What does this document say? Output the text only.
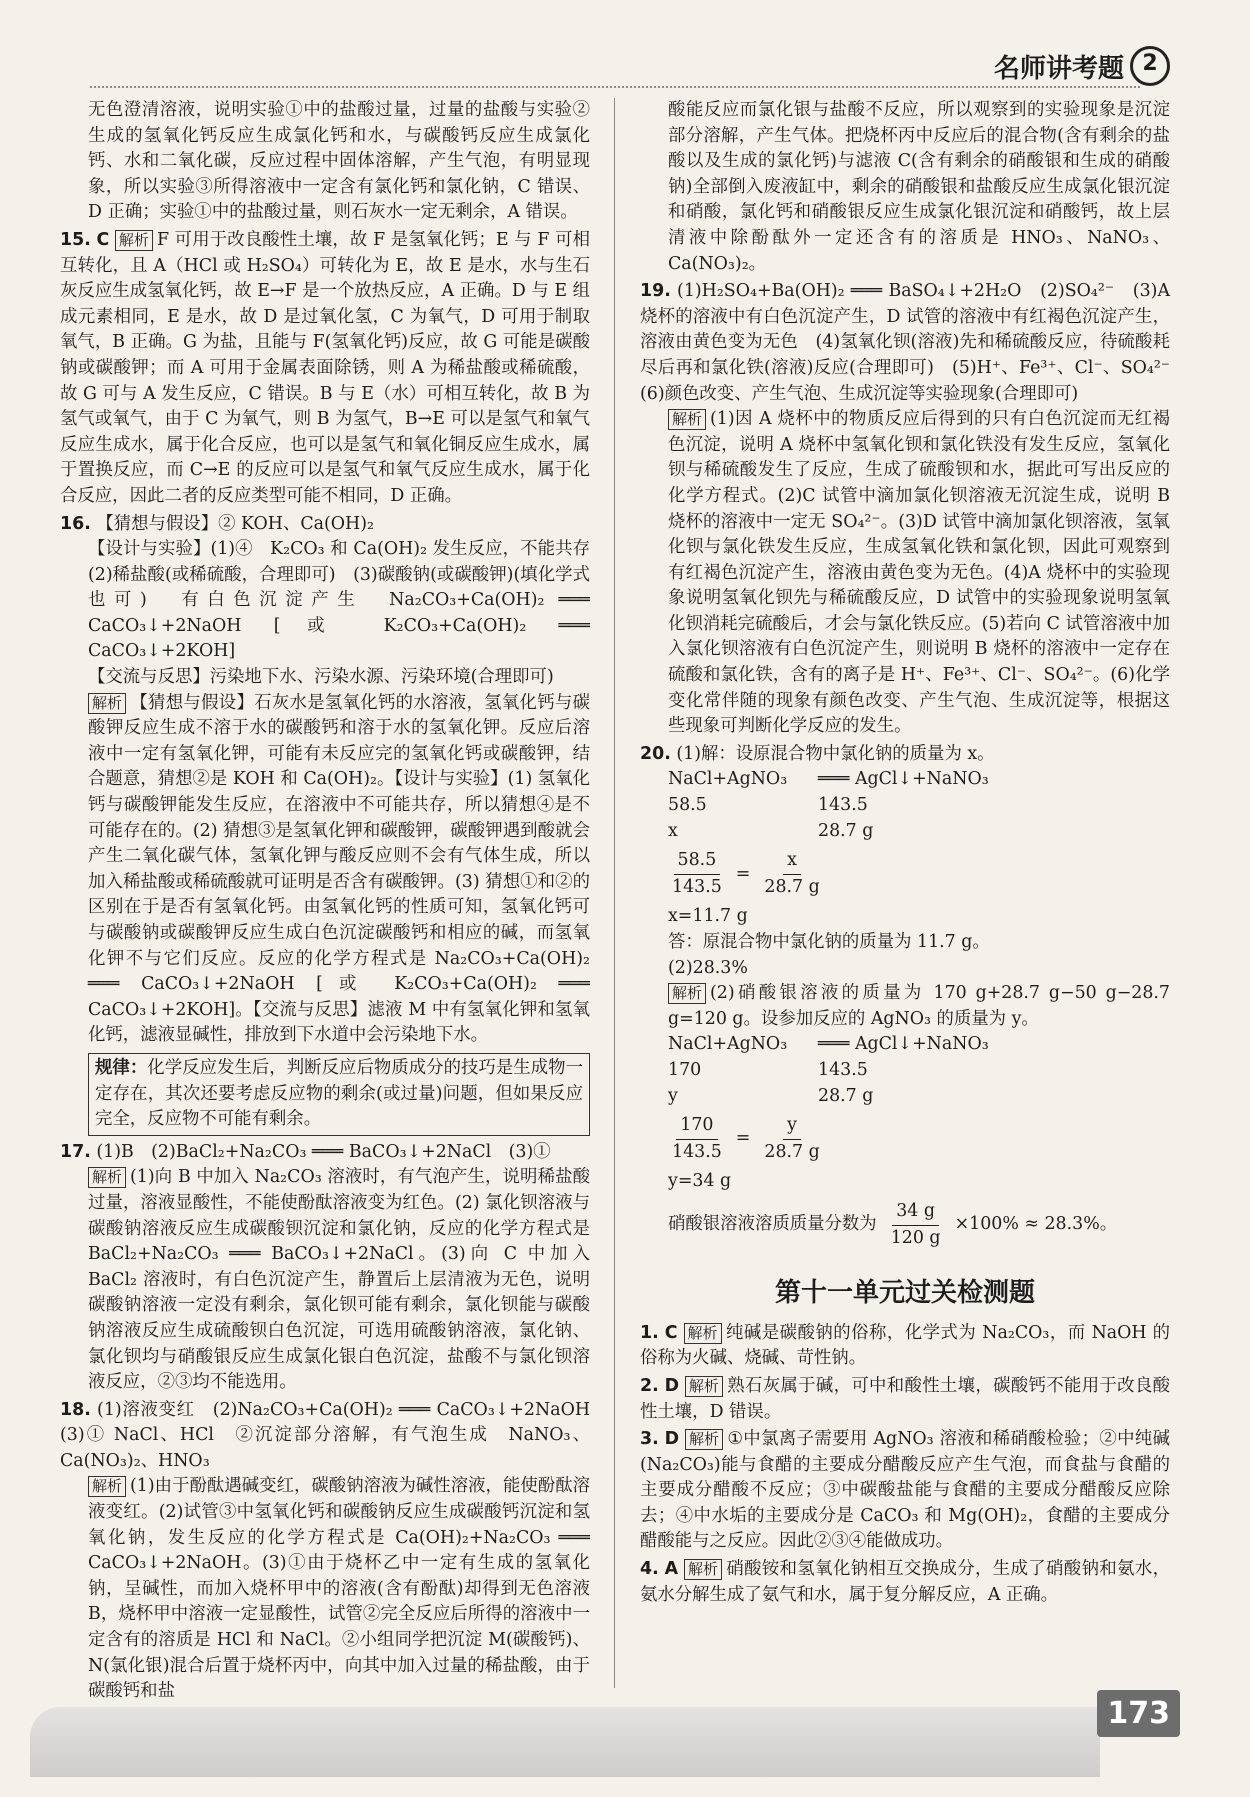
名师讲考题 2

无色澄清溶液，说明实验①中的盐酸过量，过量的盐酸与实验②生成的氢氧化钙反应生成氯化钙和水，与碳酸钙反应生成氯化钙、水和二氧化碳，反应过程中固体溶解，产生气泡，有明显现象，所以实验③所得溶液中一定含有氯化钙和氯化钠，C 错误、D 正确；实验①中的盐酸过量，则石灰水一定无剩余，A 错误。

15. C 解析 F 可用于改良酸性土壤，故 F 是氢氧化钙；E 与 F 可相互转化，且 A（HCl 或 H₂SO₄）可转化为 E，故 E 是水，水与生石灰反应生成氢氧化钙，故 E→F 是一个放热反应，A 正确。D 与 E 组成元素相同，E 是水，故 D 是过氧化氢，C 为氧气，D 可用于制取氧气，B 正确。G 为盐，且能与 F(氢氧化钙)反应，故 G 可能是碳酸钠或碳酸钾；而 A 可用于金属表面除锈，则 A 为稀盐酸或稀硫酸，故 G 可与 A 发生反应，C 错误。B 与 E（水）可相互转化，故 B 为氢气或氧气，由于 C 为氧气，则 B 为氢气，B→E 可以是氢气和氧气反应生成水，属于化合反应，也可以是氢气和氧化铜反应生成水，属于置换反应，而 C→E 的反应可以是氢气和氧气反应生成水，属于化合反应，因此二者的反应类型可能不相同，D 正确。

16. 【猜想与假设】② KOH、Ca(OH)₂

【设计与实验】(1)④　K₂CO₃ 和 Ca(OH)₂ 发生反应，不能共存　(2)稀盐酸(或稀硫酸，合理即可)　(3)碳酸钠(或碳酸钾)(填化学式也可)　有白色沉淀产生　Na₂CO₃+Ca(OH)₂ ═══ CaCO₃↓+2NaOH [或 K₂CO₃+Ca(OH)₂ ═══ CaCO₃↓+2KOH]

【交流与反思】污染地下水、污染水源、污染环境(合理即可)

解析 【猜想与假设】石灰水是氢氧化钙的水溶液，氢氧化钙与碳酸钾反应生成不溶于水的碳酸钙和溶于水的氢氧化钾。反应后溶液中一定有氢氧化钾，可能有未反应完的氢氧化钙或碳酸钾，结合题意，猜想②是 KOH 和 Ca(OH)₂。【设计与实验】(1) 氢氧化钙与碳酸钾能发生反应，在溶液中不可能共存，所以猜想④是不可能存在的。(2) 猜想③是氢氧化钾和碳酸钾，碳酸钾遇到酸就会产生二氧化碳气体，氢氧化钾与酸反应则不会有气体生成，所以加入稀盐酸或稀硫酸就可证明是否含有碳酸钾。(3) 猜想①和②的区别在于是否有氢氧化钙。由氢氧化钙的性质可知，氢氧化钙可与碳酸钠或碳酸钾反应生成白色沉淀碳酸钙和相应的碱，而氢氧化钾不与它们反应。反应的化学方程式是 Na₂CO₃+Ca(OH)₂ ═══ CaCO₃↓+2NaOH [或 K₂CO₃+Ca(OH)₂ ═══ CaCO₃↓+2KOH]。【交流与反思】滤液 M 中有氢氧化钾和氢氧化钙，滤液显碱性，排放到下水道中会污染地下水。

规律：化学反应发生后，判断反应后物质成分的技巧是生成物一定存在，其次还要考虑反应物的剩余(或过量)问题，但如果反应完全，反应物不可能有剩余。

17. (1)B　(2)BaCl₂+Na₂CO₃ ═══ BaCO₃↓+2NaCl　(3)①

解析 (1)向 B 中加入 Na₂CO₃ 溶液时，有气泡产生，说明稀盐酸过量，溶液显酸性，不能使酚酞溶液变为红色。(2) 氯化钡溶液与碳酸钠溶液反应生成碳酸钡沉淀和氯化钠，反应的化学方程式是 BaCl₂+Na₂CO₃ ═══ BaCO₃↓+2NaCl。(3)向 C 中加入 BaCl₂ 溶液时，有白色沉淀产生，静置后上层清液为无色，说明碳酸钠溶液一定没有剩余，氯化钡可能有剩余，氯化钡能与碳酸钠溶液反应生成硫酸钡白色沉淀，可选用硫酸钠溶液，氯化钠、氯化钡均与硝酸银反应生成氯化银白色沉淀，盐酸不与氯化钡溶液反应，②③均不能选用。

18. (1)溶液变红　(2)Na₂CO₃+Ca(OH)₂ ═══ CaCO₃↓+2NaOH　(3)① NaCl、HCl　②沉淀部分溶解，有气泡生成　NaNO₃、Ca(NO₃)₂、HNO₃

解析 (1)由于酚酞遇碱变红，碳酸钠溶液为碱性溶液，能使酚酞溶液变红。(2)试管③中氢氧化钙和碳酸钠反应生成碳酸钙沉淀和氢氧化钠，发生反应的化学方程式是 Ca(OH)₂+Na₂CO₃ ═══ CaCO₃↓+2NaOH。(3)①由于烧杯乙中一定有生成的氢氧化钠，呈碱性，而加入烧杯甲中的溶液(含有酚酞)却得到无色溶液 B，烧杯甲中溶液一定显酸性，试管②完全反应后所得的溶液中一定含有的溶质是 HCl 和 NaCl。②小组同学把沉淀 M(碳酸钙)、N(氯化银)混合后置于烧杯丙中，向其中加入过量的稀盐酸，由于碳酸钙和盐

酸能反应而氯化银与盐酸不反应，所以观察到的实验现象是沉淀部分溶解，产生气体。把烧杯丙中反应后的混合物(含有剩余的盐酸以及生成的氯化钙)与滤液 C(含有剩余的硝酸银和生成的硝酸钠)全部倒入废液缸中，剩余的硝酸银和盐酸反应生成氯化银沉淀和硝酸，氯化钙和硝酸银反应生成氯化银沉淀和硝酸钙，故上层清液中除酚酞外一定还含有的溶质是 HNO₃、NaNO₃、Ca(NO₃)₂。

19. (1)H₂SO₄+Ba(OH)₂ ═══ BaSO₄↓+2H₂O　(2)SO₄²⁻　(3)A 烧杯的溶液中有白色沉淀产生，D 试管的溶液中有红褐色沉淀产生，溶液由黄色变为无色　(4)氢氧化钡(溶液)先和稀硫酸反应，待硫酸耗尽后再和氯化铁(溶液)反应(合理即可)　(5)H⁺、Fe³⁺、Cl⁻、SO₄²⁻　(6)颜色改变、产生气泡、生成沉淀等实验现象(合理即可)

解析 (1)因 A 烧杯中的物质反应后得到的只有白色沉淀而无红褐色沉淀，说明 A 烧杯中氢氧化钡和氯化铁没有发生反应，氢氧化钡与稀硫酸发生了反应，生成了硫酸钡和水，据此可写出反应的化学方程式。(2)C 试管中滴加氯化钡溶液无沉淀生成，说明 B 烧杯的溶液中一定无 SO₄²⁻。(3)D 试管中滴加氯化钡溶液，氢氧化钡与氯化铁发生反应，生成氢氧化铁和氯化钡，因此可观察到有红褐色沉淀产生，溶液由黄色变为无色。(4)A 烧杯中的实验现象说明氢氧化钡先与稀硫酸反应，D 试管中的实验现象说明氢氧化钡消耗完硫酸后，才会与氯化铁反应。(5)若向 C 试管溶液中加入氯化钡溶液有白色沉淀产生，则说明 B 烧杯的溶液中一定存在硫酸和氯化铁，含有的离子是 H⁺、Fe³⁺、Cl⁻、SO₄²⁻。(6)化学变化常伴随的现象有颜色改变、产生气泡、生成沉淀等，根据这些现象可判断化学反应的发生。

20. (1)解：设原混合物中氯化钠的质量为 x。

NaCl+AgNO₃	═══ AgCl↓+NaNO₃
58.5	143.5
x	28.7 g
$\frac{58.5}{143.5} = \frac{x}{28.7 g}$

x=11.7 g

答：原混合物中氯化钠的质量为 11.7 g。

(2)28.3%

解析 (2)硝酸银溶液的质量为 170 g+28.7 g−50 g−28.7 g=120 g。设参加反应的 AgNO₃ 的质量为 y。

NaCl+AgNO₃	═══ AgCl↓+NaNO₃
170	143.5
y	28.7 g
$\frac{170}{143.5} = \frac{y}{28.7 g}$

y=34 g

硝酸银溶液溶质质量分数为 $\frac{34 g}{120 g} \times 100\% \approx 28.3\%$。
第十一单元过关检测题

1. C 解析 纯碱是碳酸钠的俗称，化学式为 Na₂CO₃，而 NaOH 的俗称为火碱、烧碱、苛性钠。

2. D 解析 熟石灰属于碱，可中和酸性土壤，碳酸钙不能用于改良酸性土壤，D 错误。

3. D 解析 ①中氯离子需要用 AgNO₃ 溶液和稀硝酸检验；②中纯碱(Na₂CO₃)能与食醋的主要成分醋酸反应产生气泡，而食盐与食醋的主要成分醋酸不反应；③中碳酸盐能与食醋的主要成分醋酸反应除去；④中水垢的主要成分是 CaCO₃ 和 Mg(OH)₂，食醋的主要成分醋酸能与之反应。因此②③④能做成功。

4. A 解析 硝酸铵和氢氧化钠相互交换成分，生成了硝酸钠和氨水，氨水分解生成了氨气和水，属于复分解反应，A 正确。

173
